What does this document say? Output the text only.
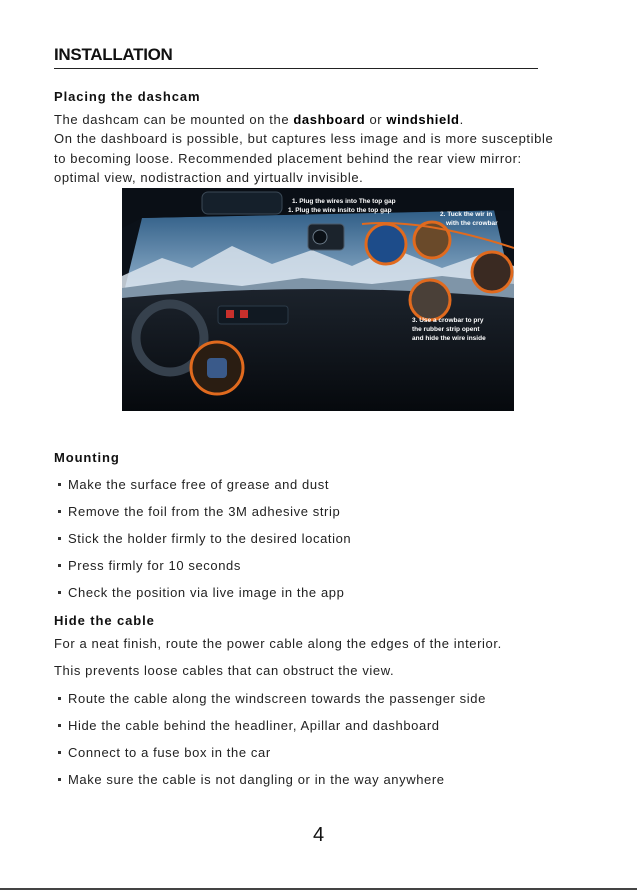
INSTALLATION
Placing the dashcam
The dashcam can be mounted on the dashboard or windshield.
On the dashboard is possible, but captures less image and is more susceptible
to becoming loose. Recommended placement behind the rear view mirror:
optimal view, nodistraction and yirtuallv invisible.
1. Plug the wires into The top gap
1. Plug the wire insito the top gap
2. Tuck the wir in
with the crowbar
3. Use a crowbar to pry
the rubber strip opent
and hide the wire inside
Mounting
Make the surface free of grease and dust
Remove the foil from the 3M adhesive strip
Stick the holder firmly to the desired location
Press firmly for 10 seconds
Check the position via live image in the app
Hide the cable
For a neat finish, route the power cable along the edges of the interior.
This prevents loose cables that can obstruct the view.
Route the cable along the windscreen towards the passenger side
Hide the cable behind the headliner, Apillar and dashboard
Connect to a fuse box in the car
Make sure the cable is not dangling or in the way anywhere
4
